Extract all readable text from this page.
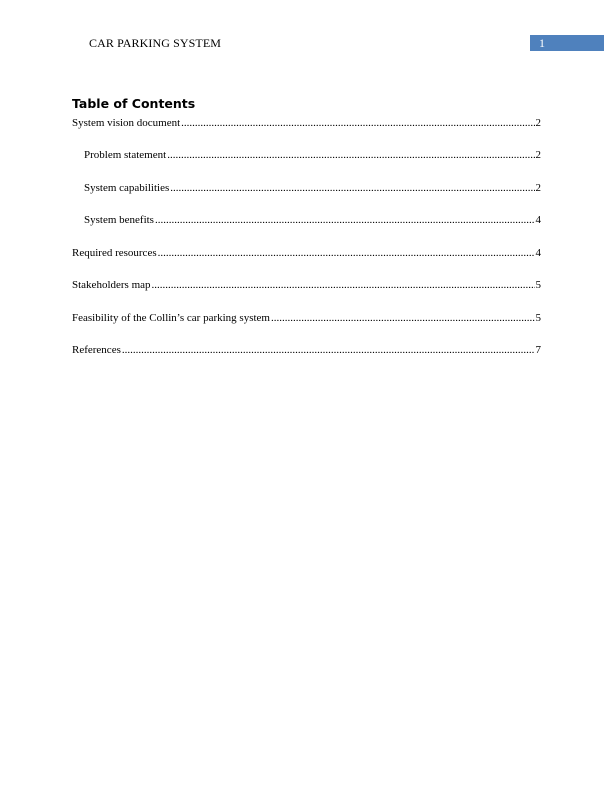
CAR PARKING SYSTEM	1
Table of Contents
System vision document .....	2
Problem statement .....	2
System capabilities .....	2
System benefits .....	4
Required resources .....	4
Stakeholders map .....	5
Feasibility of the Collin’s car parking system .....	5
References .....	7
